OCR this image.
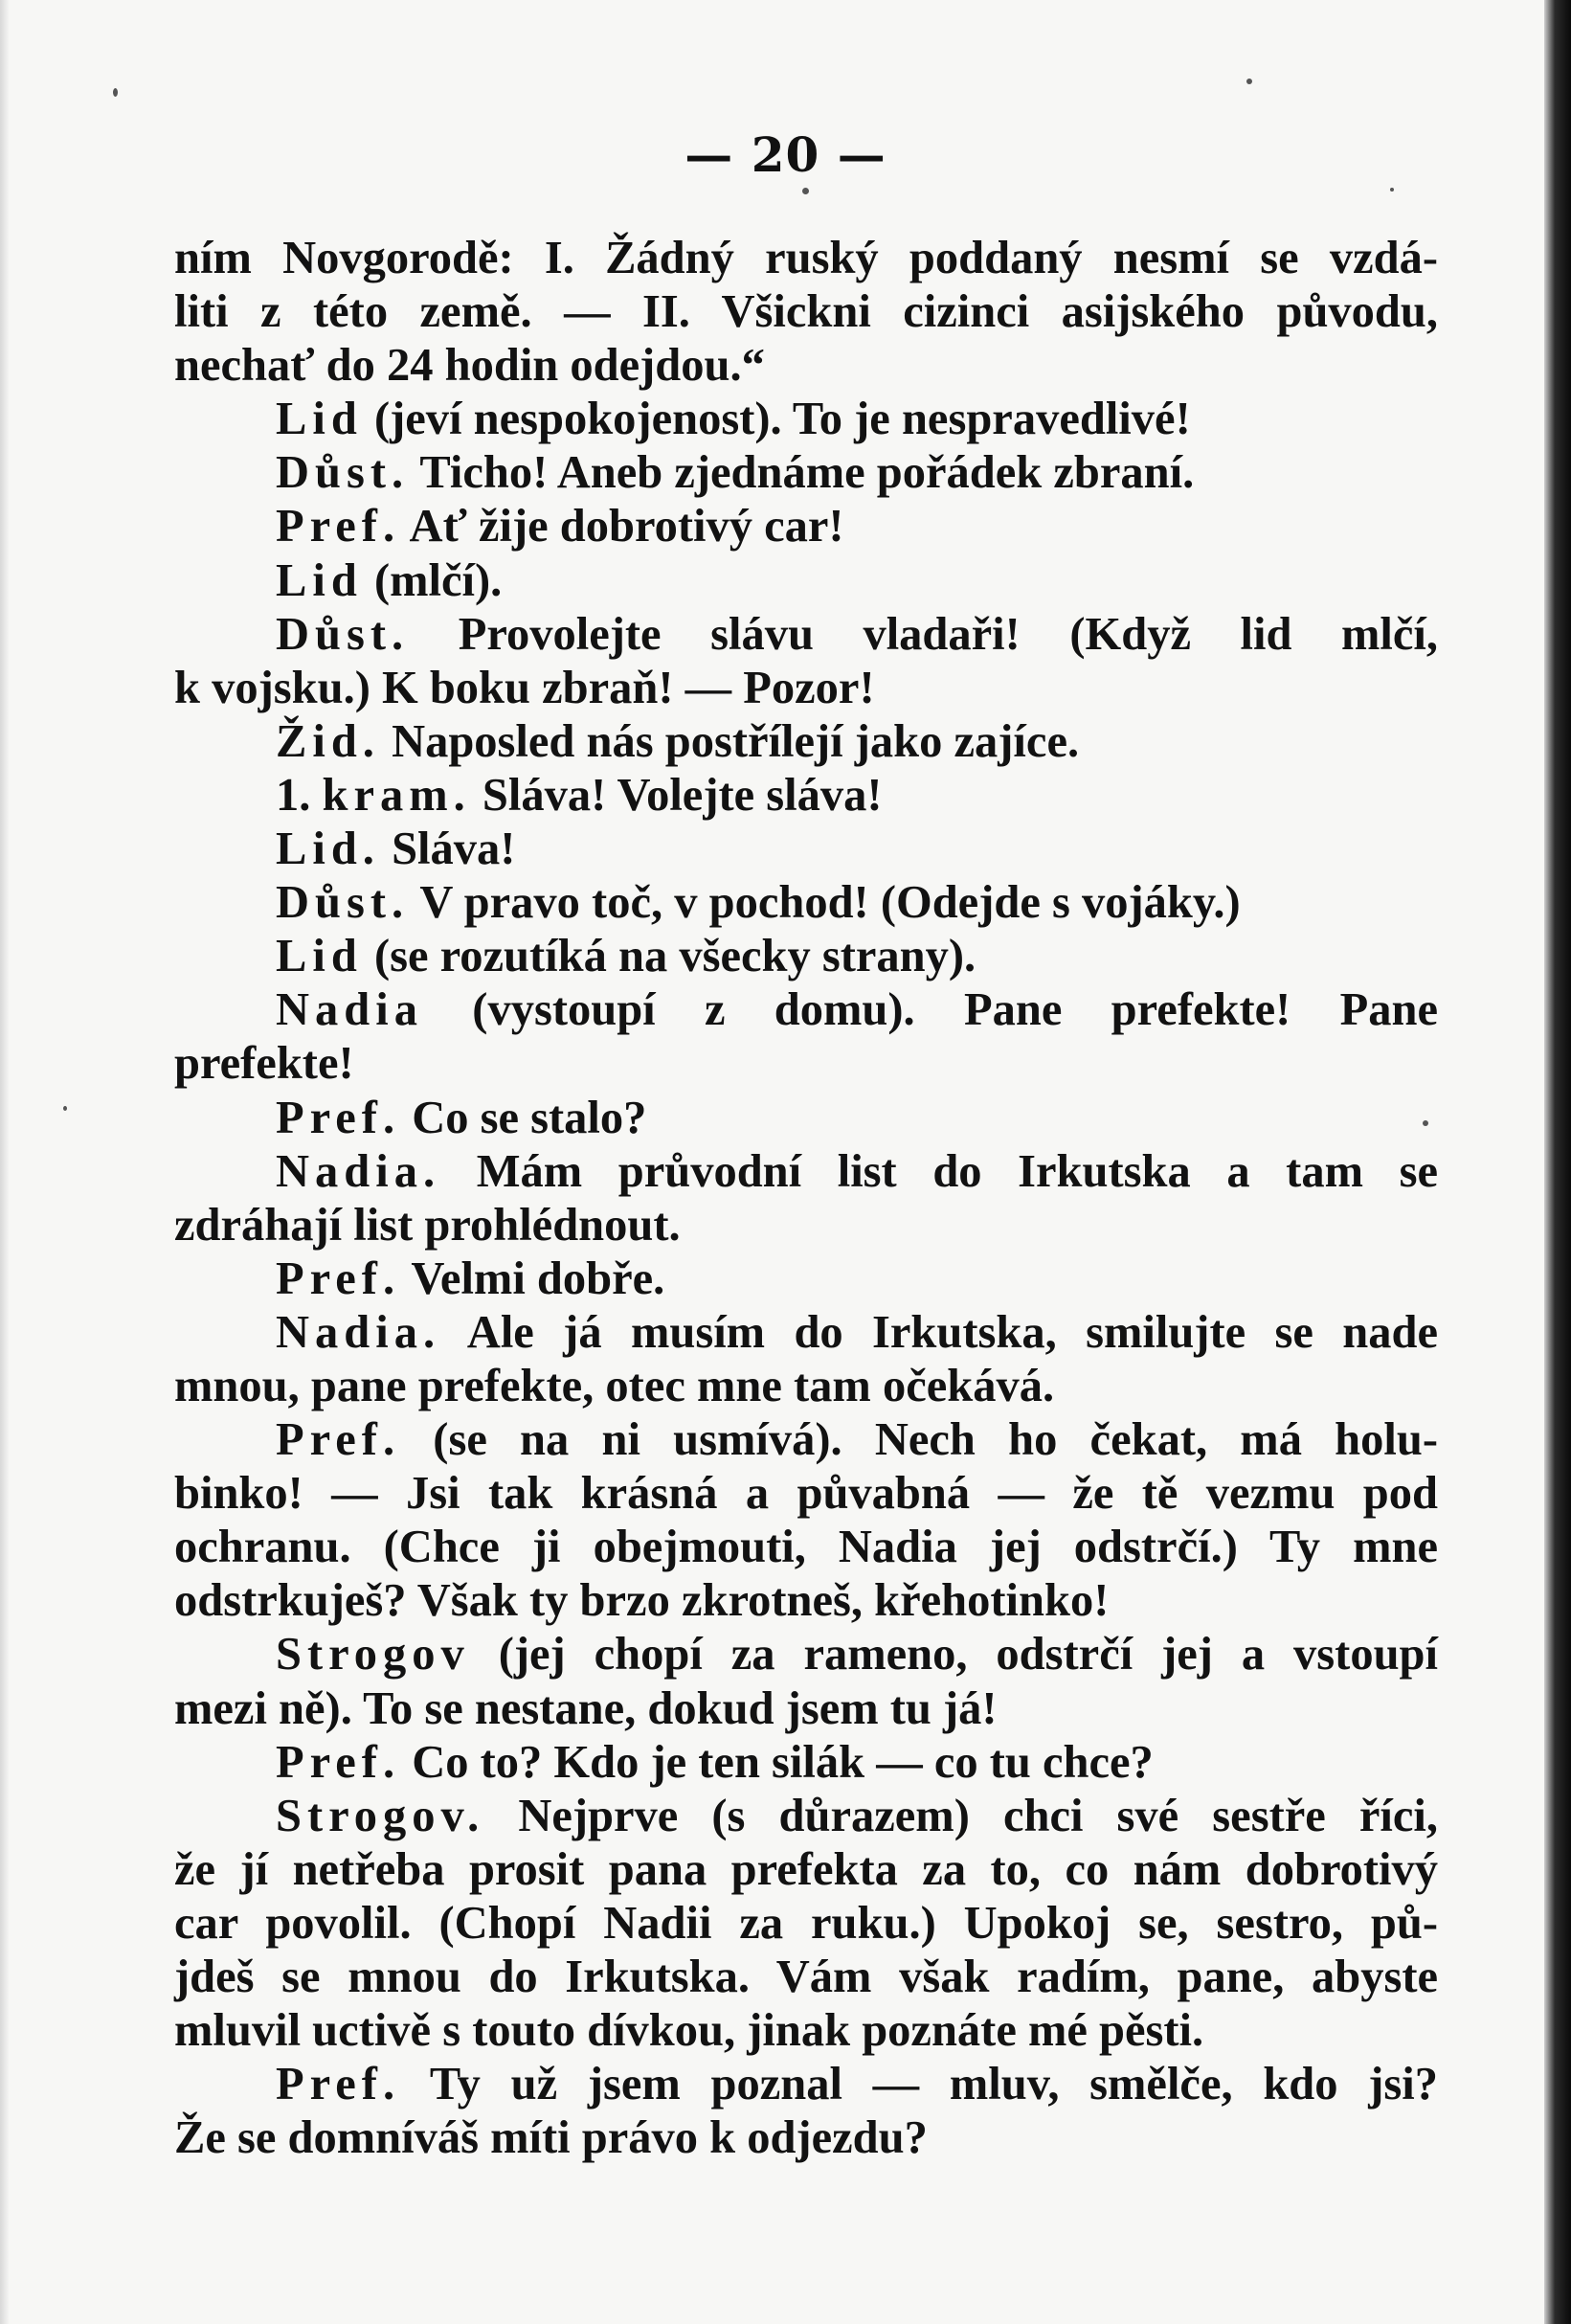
— 20 —
ním Novgorodě: I. Žádný ruský poddaný nesmí se vzdá-
liti z této země. — II. Všickni cizinci asijského původu,
nechať do 24 hodin odejdou.“
Lid (jeví nespokojenost). To je nespravedlivé!
Důst. Ticho! Aneb zjednáme pořádek zbraní.
Pref. Ať žije dobrotivý car!
Lid (mlčí).
Důst. Provolejte slávu vladaři! (Když lid mlčí,
k vojsku.) K boku zbraň! — Pozor!
Žid. Naposled nás postřílejí jako zajíce.
1. kram. Sláva! Volejte sláva!
Lid. Sláva!
Důst. V pravo toč, v pochod! (Odejde s vojáky.)
Lid (se rozutíká na všecky strany).
Nadia (vystoupí z domu). Pane prefekte! Pane
prefekte!
Pref. Co se stalo?
Nadia. Mám průvodní list do Irkutska a tam se
zdráhají list prohlédnout.
Pref. Velmi dobře.
Nadia. Ale já musím do Irkutska, smilujte se nade
mnou, pane prefekte, otec mne tam očekává.
Pref. (se na ni usmívá). Nech ho čekat, má holu-
binko! — Jsi tak krásná a půvabná — že tě vezmu pod
ochranu. (Chce ji obejmouti, Nadia jej odstrčí.) Ty mne
odstrkuješ? Však ty brzo zkrotneš, křehotinko!
Strogov (jej chopí za rameno, odstrčí jej a vstoupí
mezi ně). To se nestane, dokud jsem tu já!
Pref. Co to? Kdo je ten silák — co tu chce?
Strogov. Nejprve (s důrazem) chci své sestře říci,
že jí netřeba prosit pana prefekta za to, co nám dobrotivý
car povolil. (Chopí Nadii za ruku.) Upokoj se, sestro, pů-
jdeš se mnou do Irkutska. Vám však radím, pane, abyste
mluvil uctivě s touto dívkou, jinak poznáte mé pěsti.
Pref. Ty už jsem poznal — mluv, smělče, kdo jsi?
Že se domníváš míti právo k odjezdu?
